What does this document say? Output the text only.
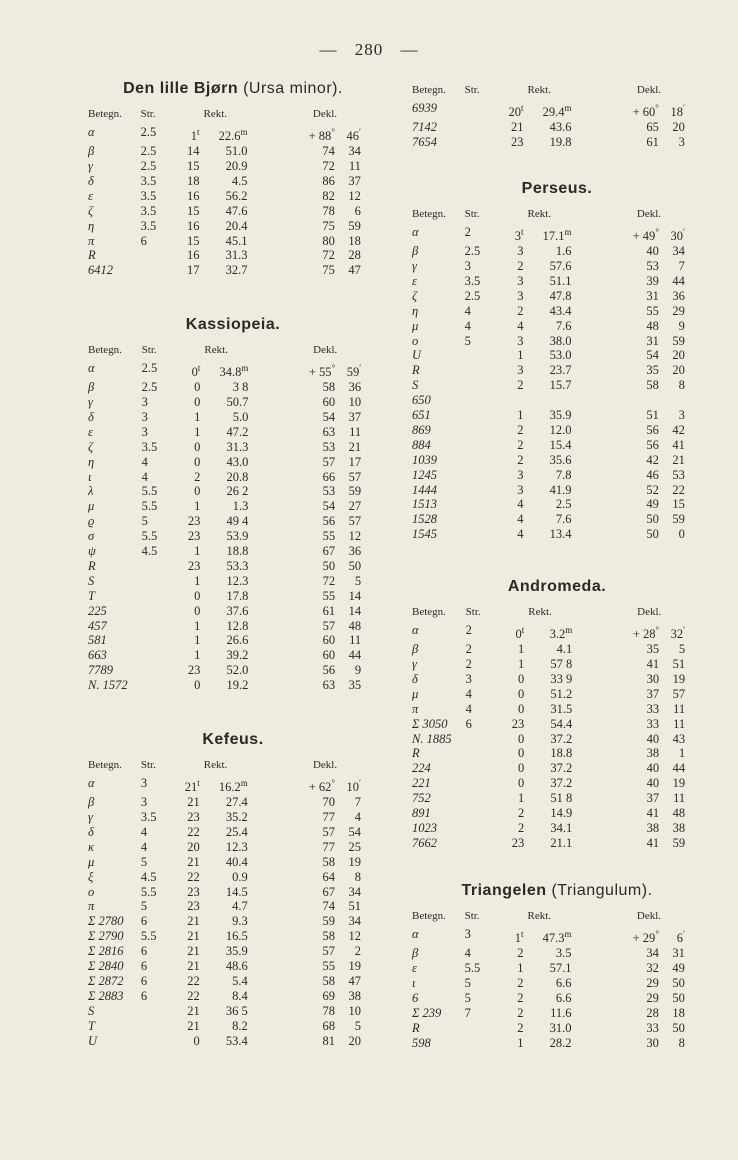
— 280 —
Den lille Bjørn (Ursa minor).
Betegn.	Str.	Rekt.	Dekl.
α	2.5	1$^t$ $22.6^m$	+ 88° 46′
β	2.5	14 51.0	74 34
γ	2.5	15 20.9	72 11
δ	3.5	18 4.5	86 37
ε	3.5	16 56.2	82 12
ζ	3.5	15 47.6	78 6
η	3.5	16 20.4	75 59
π	6	15 45.1	80 18
R		16 31.3	72 28
6412		17 32.7	75 47
Kassiopeia.
Betegn.	Str.	Rekt.	Dekl.
α	2.5	0$^t$ $34.8^m$	+ 55° 59′
β	2.5	0 3 8	58 36
γ	3	0 50.7	60 10
δ	3	1 5.0	54 37
ε	3	1 47.2	63 11
ζ	3.5	0 31.3	53 21
η	4	0 43.0	57 17
ι	4	2 20.8	66 57
λ	5.5	0 26 2	53 59
μ	5.5	1 1.3	54 27
ϱ	5	23 49 4	56 57
σ	5.5	23 53.9	55 12
ψ	4.5	1 18.8	67 36
R		23 53.3	50 50
S		1 12.3	72 5
T		0 17.8	55 14
225		0 37.6	61 14
457		1 12.8	57 48
581		1 26.6	60 11
663		1 39.2	60 44
7789		23 52.0	56 9
N. 1572		0 19.2	63 35
Kefeus.
Betegn.	Str.	Rekt.	Dekl.
α	3	21$^t$ $16.2^m$	+ 62° 10′
β	3	21 27.4	70 7
γ	3.5	23 35.2	77 4
δ	4	22 25.4	57 54
κ	4	20 12.3	77 25
μ	5	21 40.4	58 19
ξ	4.5	22 0.9	64 8
ο	5.5	23 14.5	67 34
π	5	23 4.7	74 51
Σ 2780	6	21 9.3	59 34
Σ 2790	5.5	21 16.5	58 12
Σ 2816	6	21 35.9	57 2
Σ 2840	6	21 48.6	55 19
Σ 2872	6	22 5.4	58 47
Σ 2883	6	22 8.4	69 38
S		21 36 5	78 10
T		21 8.2	68 5
U		0 53.4	81 20
Betegn.	Str.	Rekt.	Dekl.
6939		20$^t$ $29.4^m$	+ 60° 18′
7142		21 43.6	65 20
7654		23 19.8	61 3
Perseus.
Betegn.	Str.	Rekt.	Dekl.
α	2	3$^t$ $17.1^m$	+ 49° 30′
β	2.5	3 1.6	40 34
γ	3	2 57.6	53 7
ε	3.5	3 51.1	39 44
ζ	2.5	3 47.8	31 36
η	4	2 43.4	55 29
μ	4	4 7.6	48 9
ο	5	3 38.0	31 59
U		1 53.0	54 20
R		3 23.7	35 20
S		2 15.7	58 8
650			
651		1 35.9	51 3
869		2 12.0	56 42
884		2 15.4	56 41
1039		2 35.6	42 21
1245		3 7.8	46 53
1444		3 41.9	52 22
1513		4 2.5	49 15
1528		4 7.6	50 59
1545		4 13.4	50 0
Andromeda.
Betegn.	Str.	Rekt.	Dekl.
α	2	0$^t$ $3.2^m$	+ 28° 32′
β	2	1 4.1	35 5
γ	2	1 57 8	41 51
δ	3	0 33 9	30 19
μ	4	0 51.2	37 57
π	4	0 31.5	33 11
Σ 3050	6	23 54.4	33 11
N. 1885		0 37.2	40 43
R		0 18.8	38 1
224		0 37.2	40 44
221		0 37.2	40 19
752		1 51 8	37 11
891		2 14.9	41 48
1023		2 34.1	38 38
7662		23 21.1	41 59
Triangelen (Triangulum).
Betegn.	Str.	Rekt.	Dekl.
α	3	1$^t$ $47.3^m$	+ 29° 6′
β	4	2 3.5	34 31
ε	5.5	1 57.1	32 49
ι	5	2 6.6	29 50
6	5	2 6.6	29 50
Σ 239	7	2 11.6	28 18
R		2 31.0	33 50
598		1 28.2	30 8
